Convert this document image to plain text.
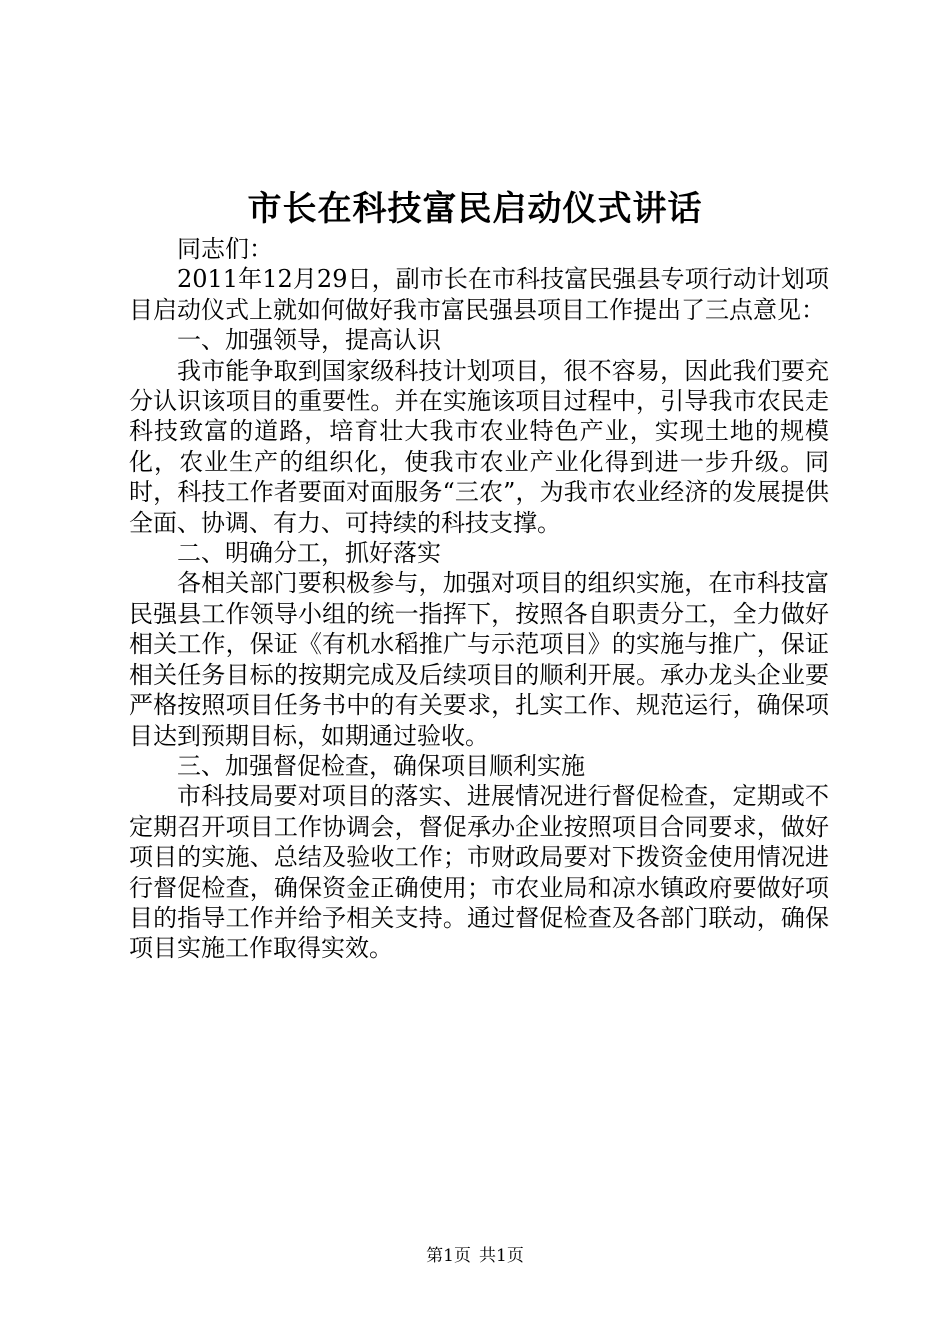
市长在科技富民启动仪式讲话

同志们：

2011年12月29日，副市长在市科技富民强县专项行动计划项目启动仪式上就如何做好我市富民强县项目工作提出了三点意见：

一、加强领导，提高认识

我市能争取到国家级科技计划项目，很不容易，因此我们要充分认识该项目的重要性。并在实施该项目过程中，引导我市农民走科技致富的道路，培育壮大我市农业特色产业，实现土地的规模化，农业生产的组织化，使我市农业产业化得到进一步升级。同时，科技工作者要面对面服务“三农”，为我市农业经济的发展提供全面、协调、有力、可持续的科技支撑。

二、明确分工，抓好落实

各相关部门要积极参与，加强对项目的组织实施，在市科技富民强县工作领导小组的统一指挥下，按照各自职责分工，全力做好相关工作，保证《有机水稻推广与示范项目》的实施与推广，保证相关任务目标的按期完成及后续项目的顺利开展。承办龙头企业要严格按照项目任务书中的有关要求，扎实工作、规范运行，确保项目达到预期目标，如期通过验收。

三、加强督促检查，确保项目顺利实施

市科技局要对项目的落实、进展情况进行督促检查，定期或不定期召开项目工作协调会，督促承办企业按照项目合同要求，做好项目的实施、总结及验收工作；市财政局要对下拨资金使用情况进行督促检查，确保资金正确使用；市农业局和凉水镇政府要做好项目的指导工作并给予相关支持。通过督促检查及各部门联动，确保项目实施工作取得实效。

第1页 共1页
